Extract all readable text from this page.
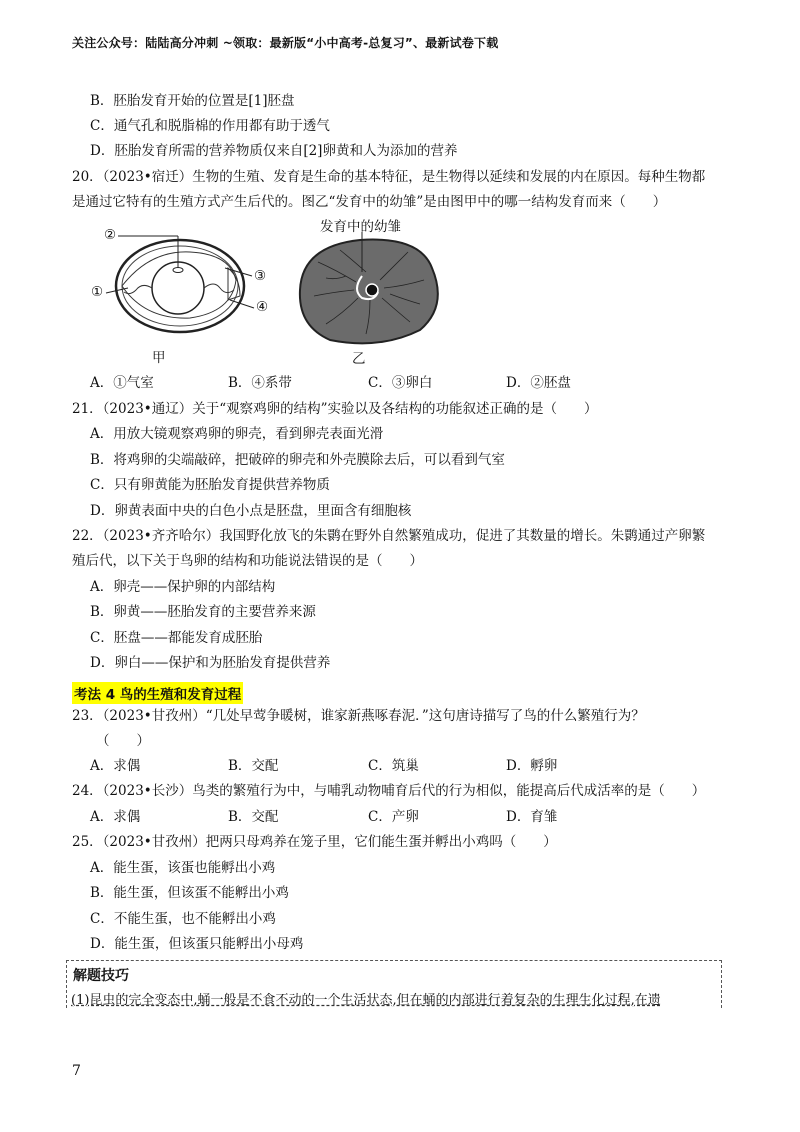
关注公众号：陆陆高分冲刺 ~领取：最新版“小中高考-总复习”、最新试卷下载
B．胚胎发育开始的位置是[1]胚盘
C．通气孔和脱脂棉的作用都有助于透气
D．胚胎发育所需的营养物质仅来自[2]卵黄和人为添加的营养
20．（2023•宿迁）生物的生殖、发育是生命的基本特征，是生物得以延续和发展的内在原因。每种生物都
是通过它特有的生殖方式产生后代的。图乙“发育中的幼雏”是由图甲中的哪一结构发育而来（　　）
②
①
③
④
甲
发育中的幼雏
乙
A．①气室	B．④系带	C．③卵白	D．②胚盘
21．（2023•通辽）关于“观察鸡卵的结构”实验以及各结构的功能叙述正确的是（　　）
A．用放大镜观察鸡卵的卵壳，看到卵壳表面光滑
B．将鸡卵的尖端敲碎，把破碎的卵壳和外壳膜除去后，可以看到气室
C．只有卵黄能为胚胎发育提供营养物质
D．卵黄表面中央的白色小点是胚盘，里面含有细胞核
22．（2023•齐齐哈尔）我国野化放飞的朱鹮在野外自然繁殖成功，促进了其数量的增长。朱鹮通过产卵繁
殖后代，以下关于鸟卵的结构和功能说法错误的是（　　）
A．卵壳——保护卵的内部结构
B．卵黄——胚胎发育的主要营养来源
C．胚盘——都能发育成胚胎
D．卵白——保护和为胚胎发育提供营养
考法 4 鸟的生殖和发育过程
23．（2023•甘孜州）“几处早莺争暖树，谁家新燕啄春泥．”这句唐诗描写了鸟的什么繁殖行为？
（　　）
A．求偶	B．交配	C．筑巢	D．孵卵
24．（2023•长沙）鸟类的繁殖行为中，与哺乳动物哺育后代的行为相似，能提高后代成活率的是（　　）
A．求偶	B．交配	C．产卵	D．育雏
25．（2023•甘孜州）把两只母鸡养在笼子里，它们能生蛋并孵出小鸡吗（　　）
A．能生蛋，该蛋也能孵出小鸡
B．能生蛋，但该蛋不能孵出小鸡
C．不能生蛋，也不能孵出小鸡
D．能生蛋，但该蛋只能孵出小母鸡
解题技巧
(1)昆虫的完全变态中,蛹一般是不食不动的一个生活状态,但在蛹的内部进行着复杂的生理生化过程,在遗
7
